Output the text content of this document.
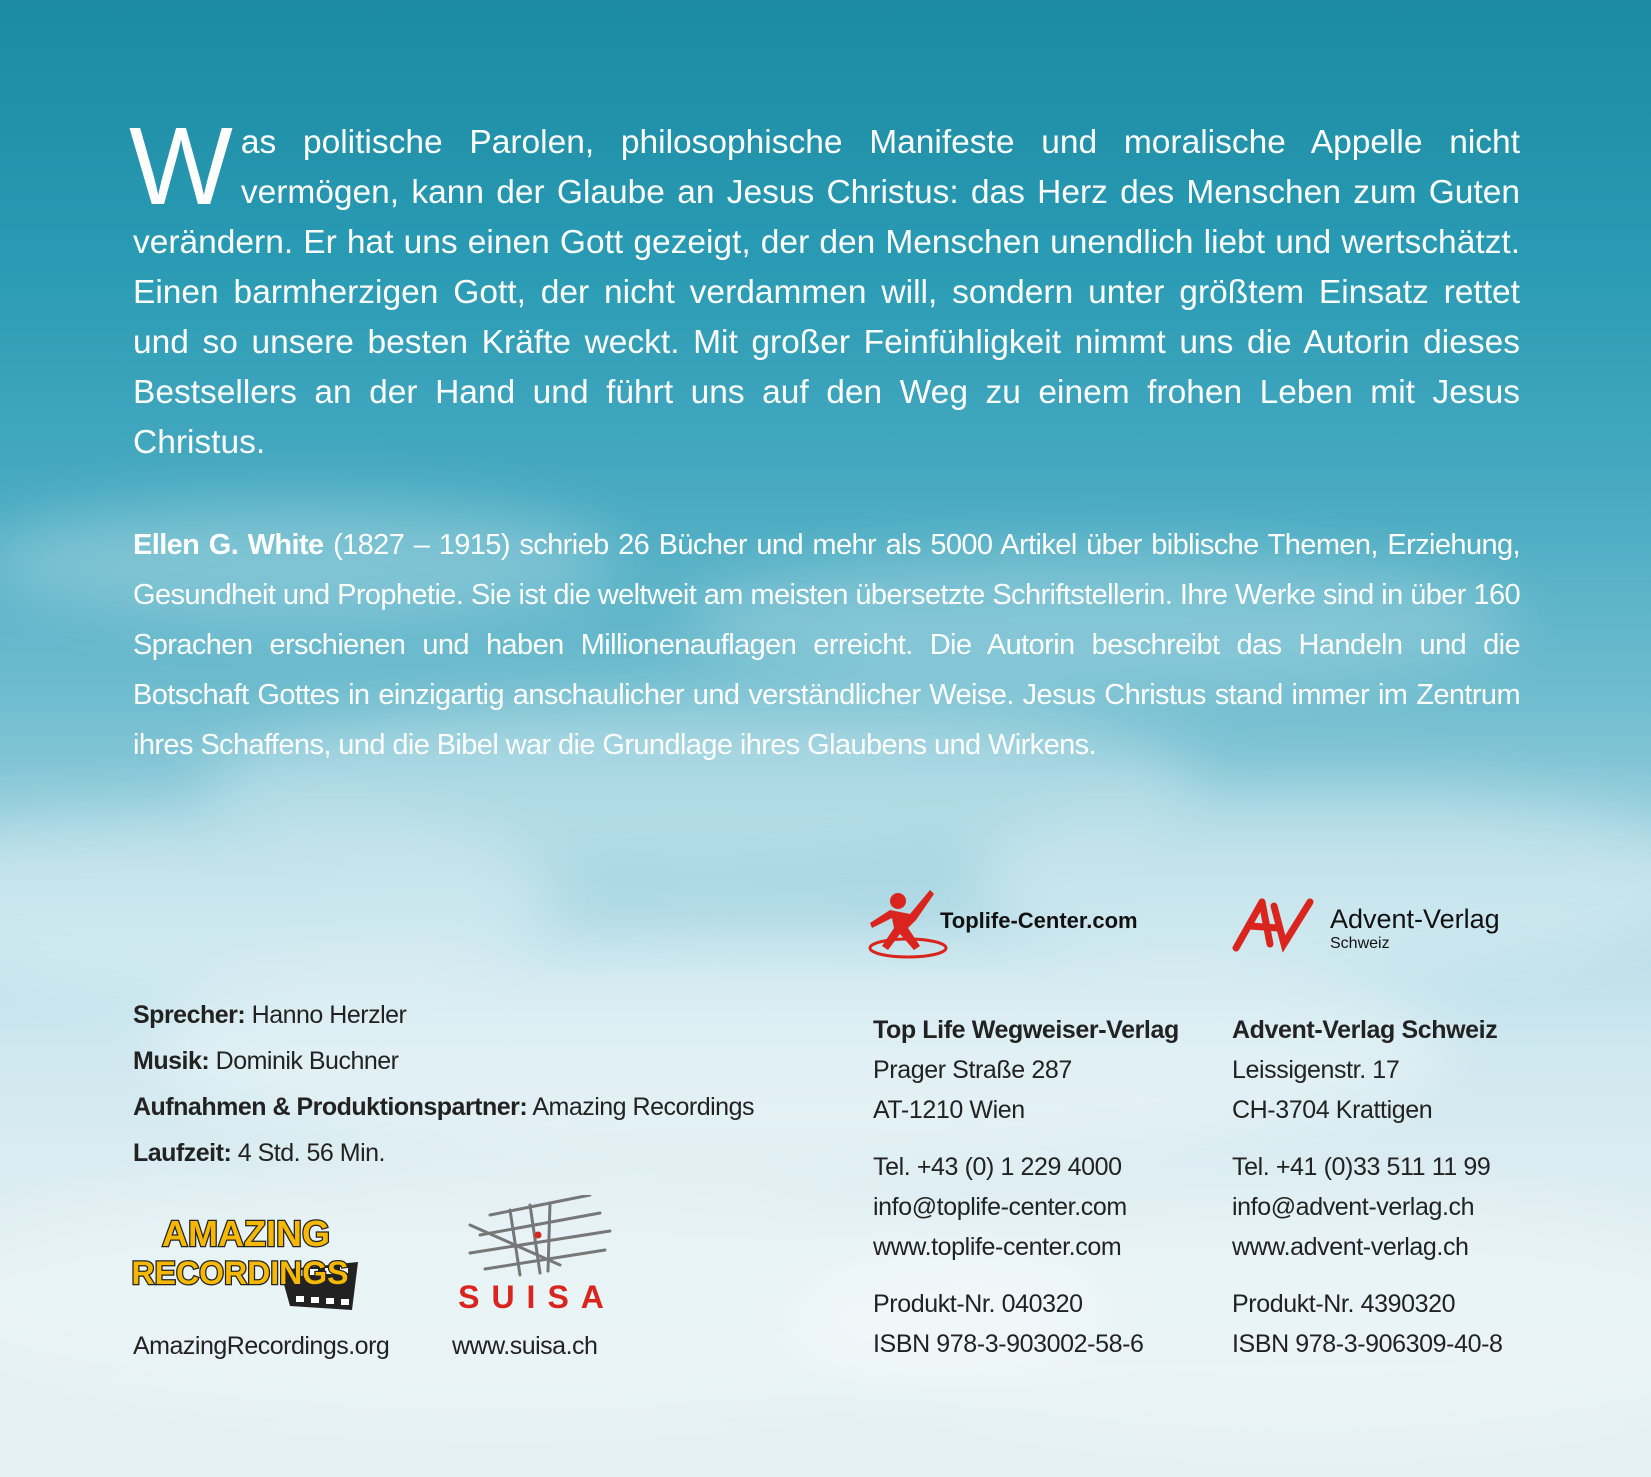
Was politische Parolen, philosophische Manifeste und moralische Appelle nicht vermögen, kann der Glaube an Jesus Christus: das Herz des Menschen zum Guten verändern. Er hat uns einen Gott gezeigt, der den Menschen unendlich liebt und wertschätzt. Einen barmherzigen Gott, der nicht verdammen will, sondern unter größtem Einsatz rettet und so unsere besten Kräfte weckt. Mit großer Feinfühligkeit nimmt uns die Autorin dieses Bestsellers an der Hand und führt uns auf den Weg zu einem frohen Leben mit Jesus Christus.

Ellen G. White (1827 – 1915) schrieb 26 Bücher und mehr als 5000 Artikel über biblische Themen, Erziehung, Gesundheit und Prophetie. Sie ist die weltweit am meisten übersetzte Schriftstellerin. Ihre Werke sind in über 160 Sprachen erschienen und haben Millionenauflagen erreicht. Die Autorin beschreibt das Handeln und die Botschaft Gottes in einzigartig anschaulicher und verständlicher Weise. Jesus Christus stand immer im Zentrum ihres Schaffens, und die Bibel war die Grundlage ihres Glaubens und Wirkens.

Sprecher: Hanno Herzler
Musik: Dominik Buchner
Aufnahmen & Produktionspartner: Amazing Recordings
Laufzeit: 4 Std. 56 Min.
AMAZING
RECORDINGS
AmazingRecordings.org
SUISA
www.suisa.ch
Toplife-Center.com	Advent-Verlag
Schweiz
Top Life Wegweiser-Verlag
Prager Straße 287
AT-1210 Wien
Tel. +43 (0) 1 229 4000
info@toplife-center.com
www.toplife-center.com
Produkt-Nr. 040320
ISBN 978-3-903002-58-6
Advent-Verlag Schweiz
Leissigenstr. 17
CH-3704 Krattigen
Tel. +41 (0)33 511 11 99
info@advent-verlag.ch
www.advent-verlag.ch
Produkt-Nr. 4390320
ISBN 978-3-906309-40-8
